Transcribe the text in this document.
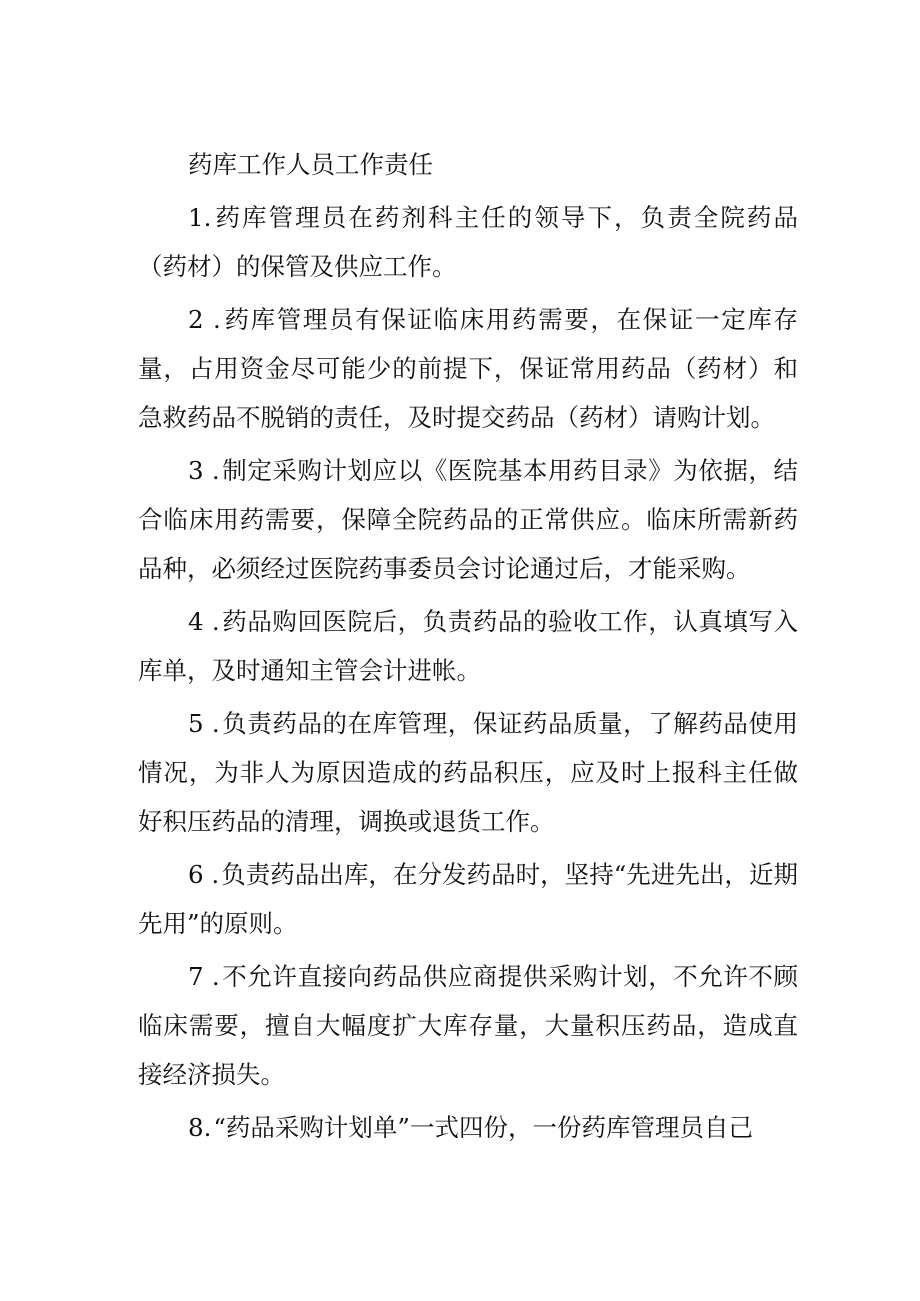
药库工作人员工作责任

1.药库管理员在药剂科主任的领导下，负责全院药品（药材）的保管及供应工作。

2 .药库管理员有保证临床用药需要，在保证一定库存量，占用资金尽可能少的前提下，保证常用药品（药材）和急救药品不脱销的责任，及时提交药品（药材）请购计划。

3 .制定采购计划应以《医院基本用药目录》为依据，结合临床用药需要，保障全院药品的正常供应。临床所需新药品种，必须经过医院药事委员会讨论通过后，才能采购。

4 .药品购回医院后，负责药品的验收工作，认真填写入库单，及时通知主管会计进帐。

5 .负责药品的在库管理，保证药品质量，了解药品使用情况，为非人为原因造成的药品积压，应及时上报科主任做好积压药品的清理，调换或退货工作。

6 .负责药品出库，在分发药品时，坚持“先进先出，近期先用”的原则。

7 .不允许直接向药品供应商提供采购计划，不允许不顾临床需要，擅自大幅度扩大库存量，大量积压药品，造成直接经济损失。

8.“药品采购计划单”一式四份，一份药库管理员自己
